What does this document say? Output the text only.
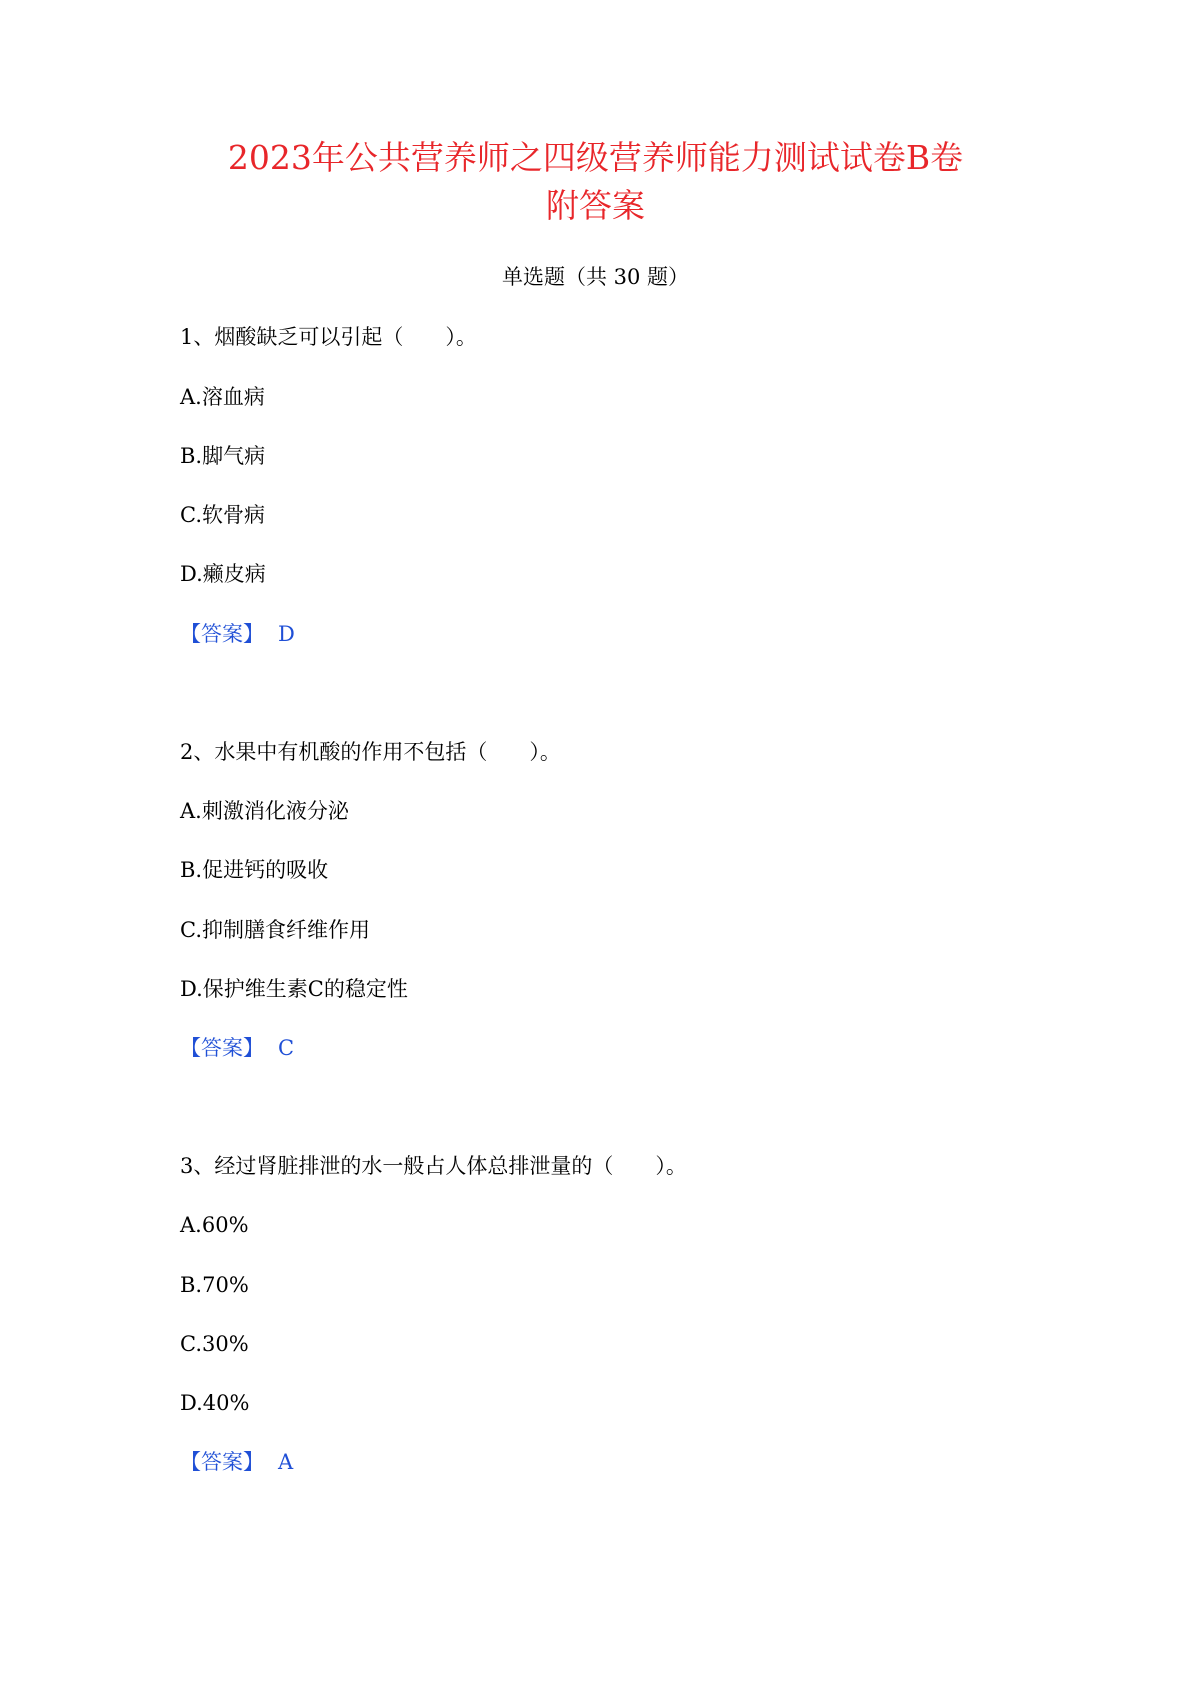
2023年公共营养师之四级营养师能力测试试卷B卷
附答案
单选题（共 30 题）
1、烟酸缺乏可以引起（　　）。
A.溶血病
B.脚气病
C.软骨病
D.癞皮病
【答案】 D
2、水果中有机酸的作用不包括（　　）。
A.刺激消化液分泌
B.促进钙的吸收
C.抑制膳食纤维作用
D.保护维生素C的稳定性
【答案】 C
3、经过肾脏排泄的水一般占人体总排泄量的（　　）。
A.60%
B.70%
C.30%
D.40%
【答案】 A
